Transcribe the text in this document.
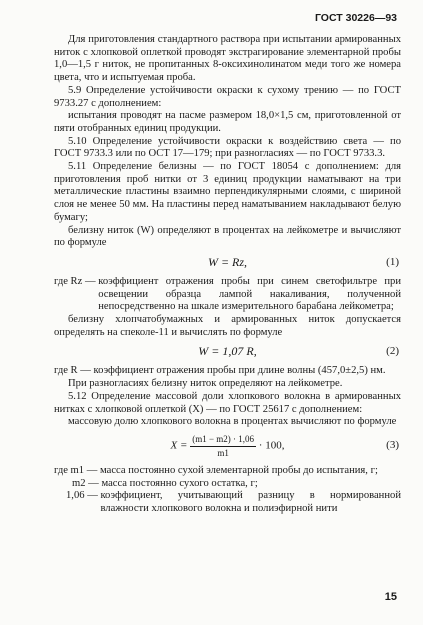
ГОСТ 30226—93

Для приготовления стандартного раствора при испытании армированных ниток с хлопковой оплеткой проводят экстрагирование элементарной пробы 1,0—1,5 г ниток, не пропитанных 8-оксихинолинатом меди того же номера цвета, что и испытуемая проба.

5.9 Определение устойчивости окраски к сухому трению — по ГОСТ 9733.27 с дополнением:

испытания проводят на пасме размером 18,0×1,5 см, приготовленной от пяти отобранных единиц продукции.

5.10 Определение устойчивости окраски к воздействию света — по ГОСТ 9733.3 или по ОСТ 17—179; при разногласиях — по ГОСТ 9733.3.

5.11 Определение белизны — по ГОСТ 18054 с дополнением: для приготовления проб нитки от 3 единиц продукции наматывают на три металлические пластины взаимно перпендикулярными слоями, с шириной слоя не менее 50 мм. На пластины перед наматыванием накладывают белую бумагу;

белизну ниток (W) определяют в процентах на лейкометре и вычисляют по формуле

W = Rz,	(1)
где Rz —
коэффициент отражения пробы при синем светофильтре при освещении образца лампой накаливания, полученной непосредственно на шкале измерительного барабана лейкометра;

белизну хлопчатобумажных и армированных ниток допускается определять на спеколе-11 и вычислять по формуле

W = 1,07 R,	(2)
где R —
коэффициент отражения пробы при длине волны (457,0±2,5) нм.

При разногласиях белизну ниток определяют на лейкометре.

5.12 Определение массовой доли хлопкового волокна в армированных нитках с хлопковой оплеткой (X) — по ГОСТ 25617 с дополнением:

массовую долю хлопкового волокна в процентах вычисляют по формуле

$X = \frac{(m1 - m2) \cdot 1,06}{m1} \cdot 100$,	(3)
где m1 —
масса постоянно сухой элементарной пробы до испытания, г;
m2 —
масса постоянно сухого остатка, г;
1,06 —
коэффициент, учитывающий разницу в нормированной влажности хлопкового волокна и полиэфирной нити
15
